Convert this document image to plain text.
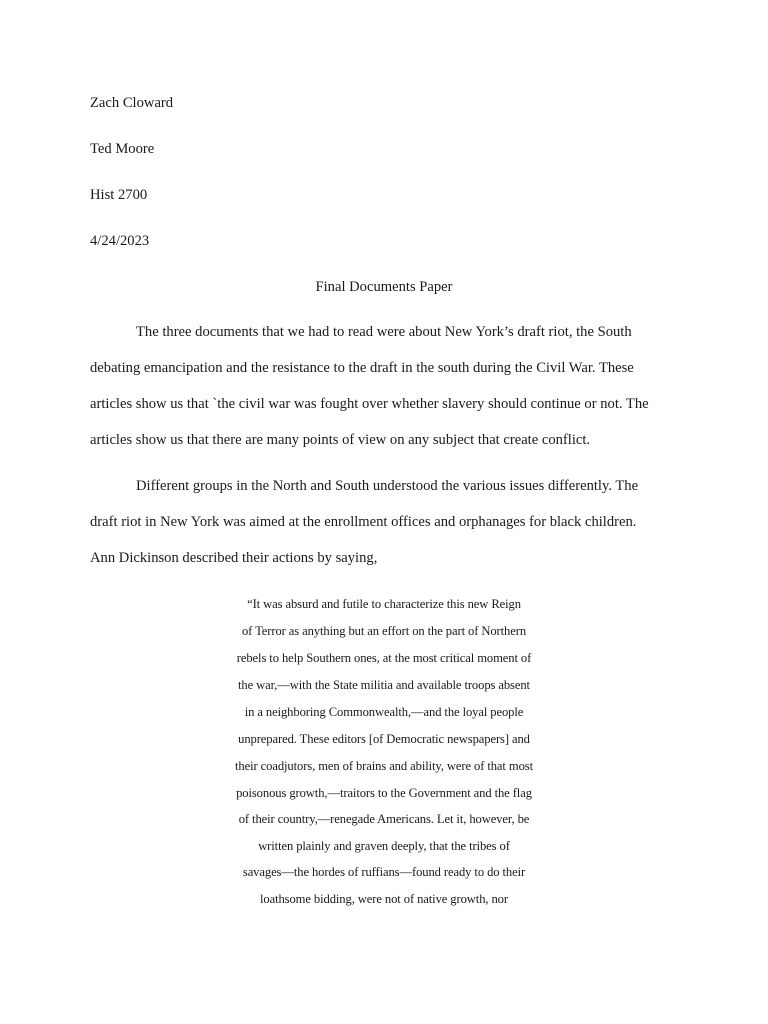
Zach Cloward
Ted Moore
Hist 2700
4/24/2023
Final Documents Paper
The three documents that we had to read were about New York’s draft riot, the South
debating emancipation and the resistance to the draft in the south during the Civil War. These
articles show us that `the civil war was fought over whether slavery should continue or not. The
articles show us that there are many points of view on any subject that create conflict.
Different groups in the North and South understood the various issues differently. The
draft riot in New York was aimed at the enrollment offices and orphanages for black children.
Ann Dickinson described their actions by saying,
“It was absurd and futile to characterize this new Reign
of Terror as anything but an effort on the part of Northern
rebels to help Southern ones, at the most critical moment of
the war,—with the State militia and available troops absent
in a neighboring Commonwealth,—and the loyal people
unprepared. These editors [of Democratic newspapers] and
their coadjutors, men of brains and ability, were of that most
poisonous growth,—traitors to the Government and the flag
of their country,—renegade Americans. Let it, however, be
written plainly and graven deeply, that the tribes of
savages—the hordes of ruffians—found ready to do their
loathsome bidding, were not of native growth, nor
